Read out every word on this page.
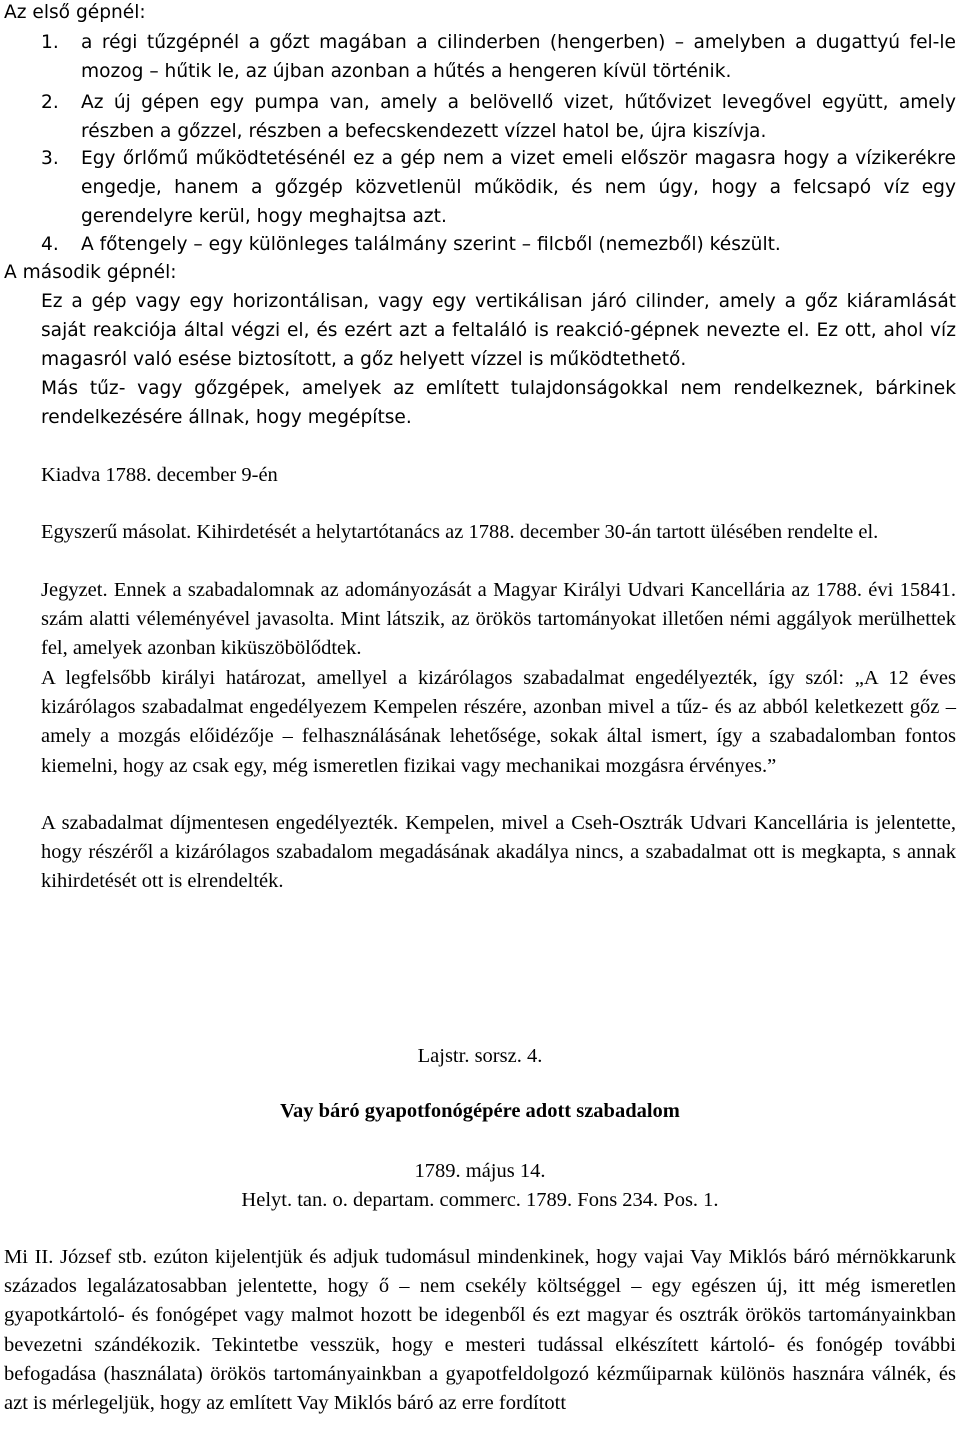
Az első gépnél:

1. a régi tűzgépnél a gőzt magában a cilinderben (hengerben) – amelyben a dugattyú fel-le mozog – hűtik le, az újban azonban a hűtés a hengeren kívül történik.
2. Az új gépen egy pumpa van, amely a belövellő vizet, hűtővizet levegővel együtt, amely részben a gőzzel, részben a befecskendezett vízzel hatol be, újra kiszívja.
3. Egy őrlőmű működtetésénél ez a gép nem a vizet emeli először magasra hogy a vízikerékre engedje, hanem a gőzgép közvetlenül működik, és nem úgy, hogy a felcsapó víz egy gerendelyre kerül, hogy meghajtsa azt.
4. A főtengely – egy különleges találmány szerint – filcből (nemezből) készült.

A második gépnél:

Ez a gép vagy egy horizontálisan, vagy egy vertikálisan járó cilinder, amely a gőz kiáramlását saját reakciója által végzi el, és ezért azt a feltaláló is reakció-gépnek nevezte el. Ez ott, ahol víz magasról való esése biztosított, a gőz helyett vízzel is működtethető.

Más tűz- vagy gőzgépek, amelyek az említett tulajdonságokkal nem rendelkeznek, bárkinek rendelkezésére állnak, hogy megépítse.

Kiadva 1788. december 9-én

Egyszerű másolat. Kihirdetését a helytartótanács az 1788. december 30-án tartott ülésében rendelte el.

Jegyzet. Ennek a szabadalomnak az adományozását a Magyar Királyi Udvari Kancellária az 1788. évi 15841. szám alatti véleményével javasolta. Mint látszik, az örökös tartományokat illetően némi aggályok merülhettek fel, amelyek azonban kiküszöbölődtek.

A legfelsőbb királyi határozat, amellyel a kizárólagos szabadalmat engedélyezték, így szól: „A 12 éves kizárólagos szabadalmat engedélyezem Kempelen részére, azonban mivel a tűz- és az abból keletkezett gőz – amely a mozgás előidézője – felhasználásának lehetősége, sokak által ismert, így a szabadalomban fontos kiemelni, hogy az csak egy, még ismeretlen fizikai vagy mechanikai mozgásra érvényes.”

A szabadalmat díjmentesen engedélyezték. Kempelen, mivel a Cseh-Osztrák Udvari Kancellária is jelentette, hogy részéről a kizárólagos szabadalom megadásának akadálya nincs, a szabadalmat ott is megkapta, s annak kihirdetését ott is elrendelték.

Lajstr. sorsz. 4.

Vay báró gyapotfonógépére adott szabadalom

1789. május 14.

Helyt. tan. o. departam. commerc. 1789. Fons 234. Pos. 1.

Mi II. József stb. ezúton kijelentjük és adjuk tudomásul mindenkinek, hogy vajai Vay Miklós báró mérnökkarunk százados legalázatosabban jelentette, hogy ő – nem csekély költséggel – egy egészen új, itt még ismeretlen gyapotkártoló- és fonógépet vagy malmot hozott be idegenből és ezt magyar és osztrák örökös tartományainkban bevezetni szándékozik. Tekintetbe vesszük, hogy e mesteri tudással elkészített kártoló- és fonógép további befogadása (használata) örökös tartományainkban a gyapotfeldolgozó kézműiparnak különös hasznára válnék, és azt is mérlegeljük, hogy az említett Vay Miklós báró az erre fordított
